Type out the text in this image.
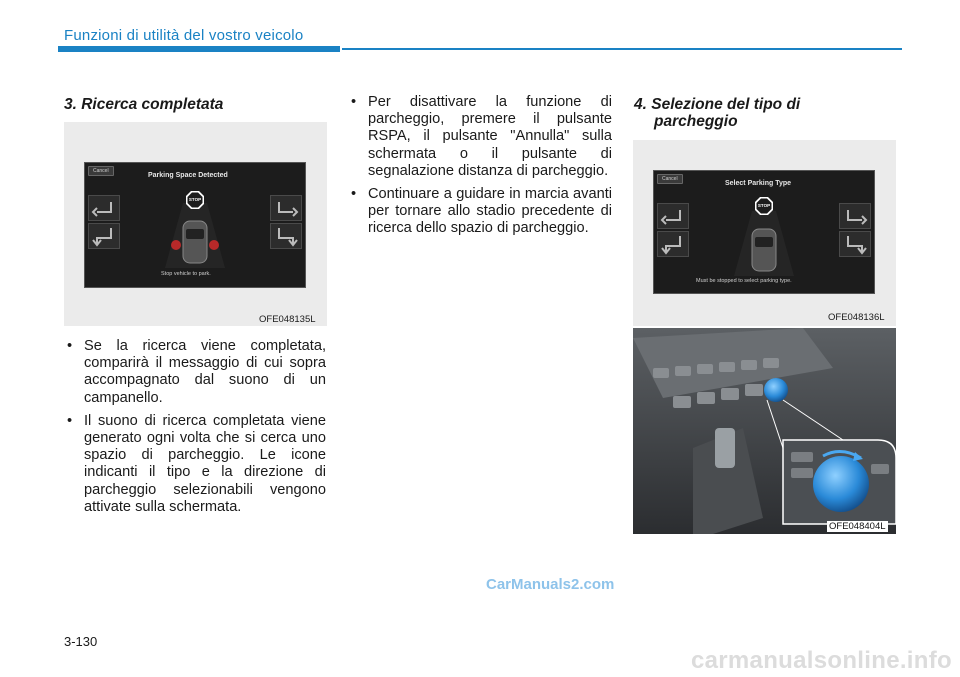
Funzioni di utilità del vostro veicolo
3. Ricerca completata
Cancel
Parking Space Detected
STOP
Stop vehicle to park.
OFE048135L
• Se la ricerca viene completata, comparirà il messaggio di cui sopra accompagnato dal suono di un campanello.
• Il suono di ricerca completata viene generato ogni volta che si cerca uno spazio di parcheggio. Le icone indicanti il tipo e la direzione di parcheggio selezionabili vengono attivate sulla schermata.
• Per disattivare la funzione di parcheggio, premere il pulsante RSPA, il pulsante "Annulla" sulla schermata o il pulsante di segnalazione distanza di parcheggio.
• Continuare a guidare in marcia avanti per tornare allo stadio precedente di ricerca dello spazio di parcheggio.
4. Selezione del tipo di
parcheggio
Cancel
Select Parking Type
STOP
Must be stopped to select parking type.
OFE048136L
OFE048404L
CarManuals2.com
3-130
carmanualsonline.info
